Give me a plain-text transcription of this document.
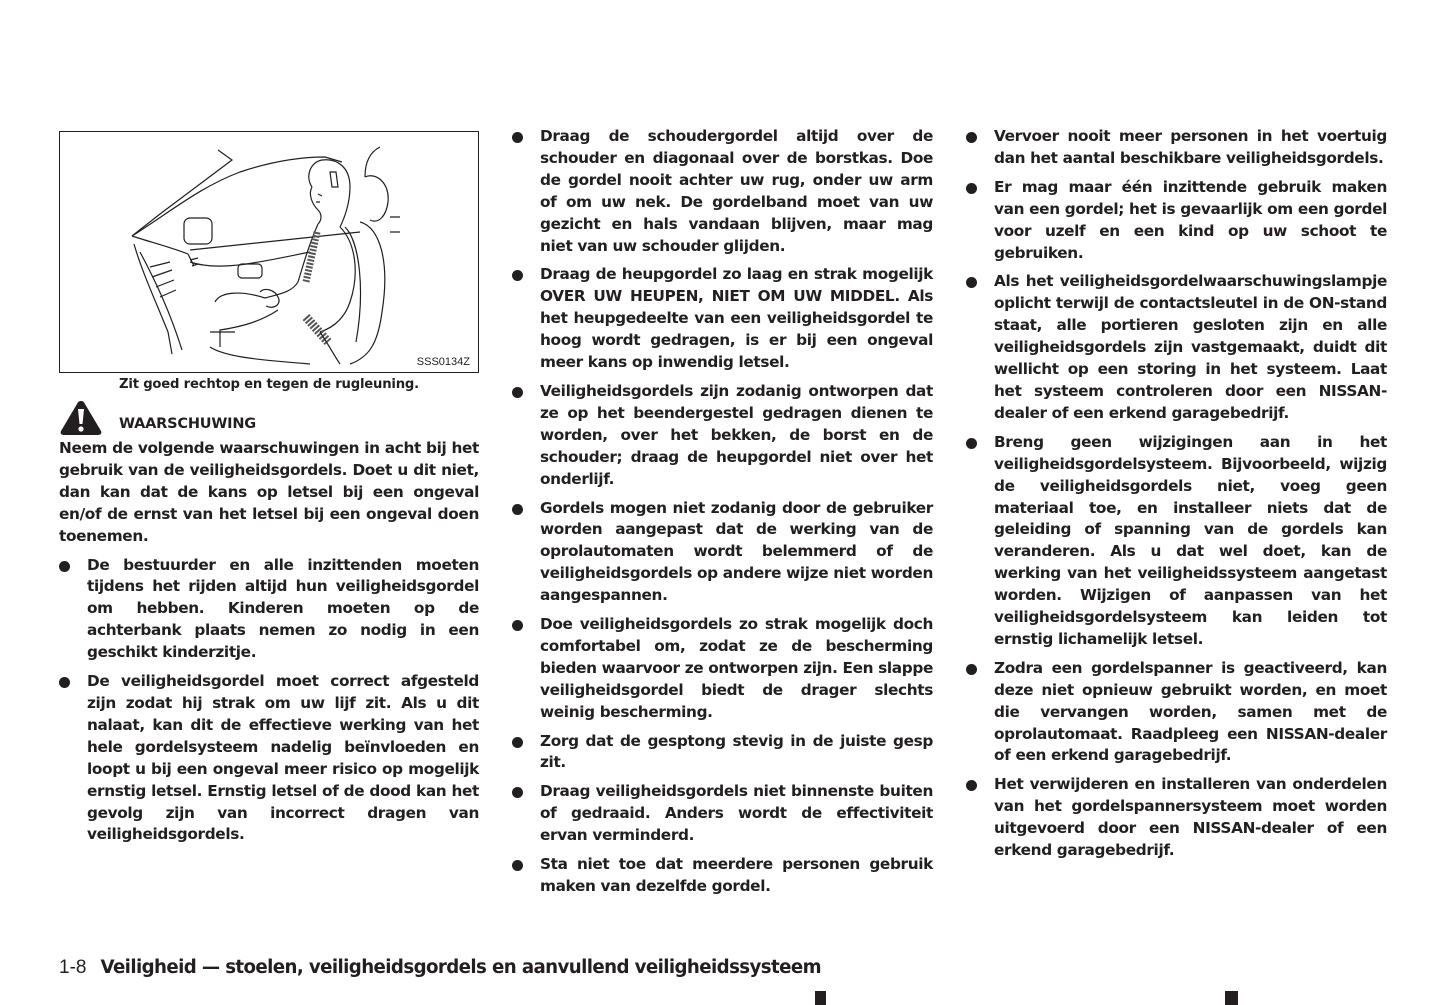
SSS0134Z
Zit goed rechtop en tegen de rugleuning.
WAARSCHUWING

Neem de volgende waarschuwingen in acht bij het gebruik van de veiligheidsgordels. Doet u dit niet, dan kan dat de kans op letsel bij een ongeval en/of de ernst van het letsel bij een ongeval doen toenemen.

De bestuurder en alle inzittenden moeten tijdens het rijden altijd hun veiligheidsgordel om hebben. Kinderen moeten op de achterbank plaats nemen zo nodig in een geschikt kinderzitje.
De veiligheidsgordel moet correct afgesteld zijn zodat hij strak om uw lijf zit. Als u dit nalaat, kan dit de effectieve werking van het hele gordelsysteem nadelig beïnvloeden en loopt u bij een ongeval meer risico op mogelijk ernstig letsel. Ernstig letsel of de dood kan het gevolg zijn van incorrect dragen van veiligheidsgordels.
Draag de schoudergordel altijd over de schouder en diagonaal over de borstkas. Doe de gordel nooit achter uw rug, onder uw arm of om uw nek. De gordelband moet van uw gezicht en hals vandaan blijven, maar mag niet van uw schouder glijden.
Draag de heupgordel zo laag en strak mogelijk OVER UW HEUPEN, NIET OM UW MIDDEL. Als het heupgedeelte van een veiligheidsgordel te hoog wordt gedragen, is er bij een ongeval meer kans op inwendig letsel.
Veiligheidsgordels zijn zodanig ontworpen dat ze op het beendergestel gedragen dienen te worden, over het bekken, de borst en de schouder; draag de heupgordel niet over het onderlijf.
Gordels mogen niet zodanig door de gebruiker worden aangepast dat de werking van de oprolautomaten wordt belemmerd of de veiligheidsgordels op andere wijze niet worden aangespannen.
Doe veiligheidsgordels zo strak mogelijk doch comfortabel om, zodat ze de bescherming bieden waarvoor ze ontworpen zijn. Een slappe veiligheidsgordel biedt de drager slechts weinig bescherming.
Zorg dat de gesptong stevig in de juiste gesp zit.
Draag veiligheidsgordels niet binnenste buiten of gedraaid. Anders wordt de effectiviteit ervan verminderd.
Sta niet toe dat meerdere personen gebruik maken van dezelfde gordel.
Vervoer nooit meer personen in het voertuig dan het aantal beschikbare veiligheidsgordels.
Er mag maar één inzittende gebruik maken van een gordel; het is gevaarlijk om een gordel voor uzelf en een kind op uw schoot te gebruiken.
Als het veiligheidsgordelwaarschuwingslampje oplicht terwijl de contactsleutel in de ON-stand staat, alle portieren gesloten zijn en alle veiligheidsgordels zijn vastgemaakt, duidt dit wellicht op een storing in het systeem. Laat het systeem controleren door een NISSAN-dealer of een erkend garagebedrijf.
Breng geen wijzigingen aan in het veiligheidsgordelsysteem. Bijvoorbeeld, wijzig de veiligheidsgordels niet, voeg geen materiaal toe, en installeer niets dat de geleiding of spanning van de gordels kan veranderen. Als u dat wel doet, kan de werking van het veiligheidssysteem aangetast worden. Wijzigen of aanpassen van het veiligheidsgordelsysteem kan leiden tot ernstig lichamelijk letsel.
Zodra een gordelspanner is geactiveerd, kan deze niet opnieuw gebruikt worden, en moet die vervangen worden, samen met de oprolautomaat. Raadpleeg een NISSAN-dealer of een erkend garagebedrijf.
Het verwijderen en installeren van onderdelen van het gordelspannersysteem moet worden uitgevoerd door een NISSAN-dealer of een erkend garagebedrijf.
1-8 Veiligheid — stoelen, veiligheidsgordels en aanvullend veiligheidssysteem
